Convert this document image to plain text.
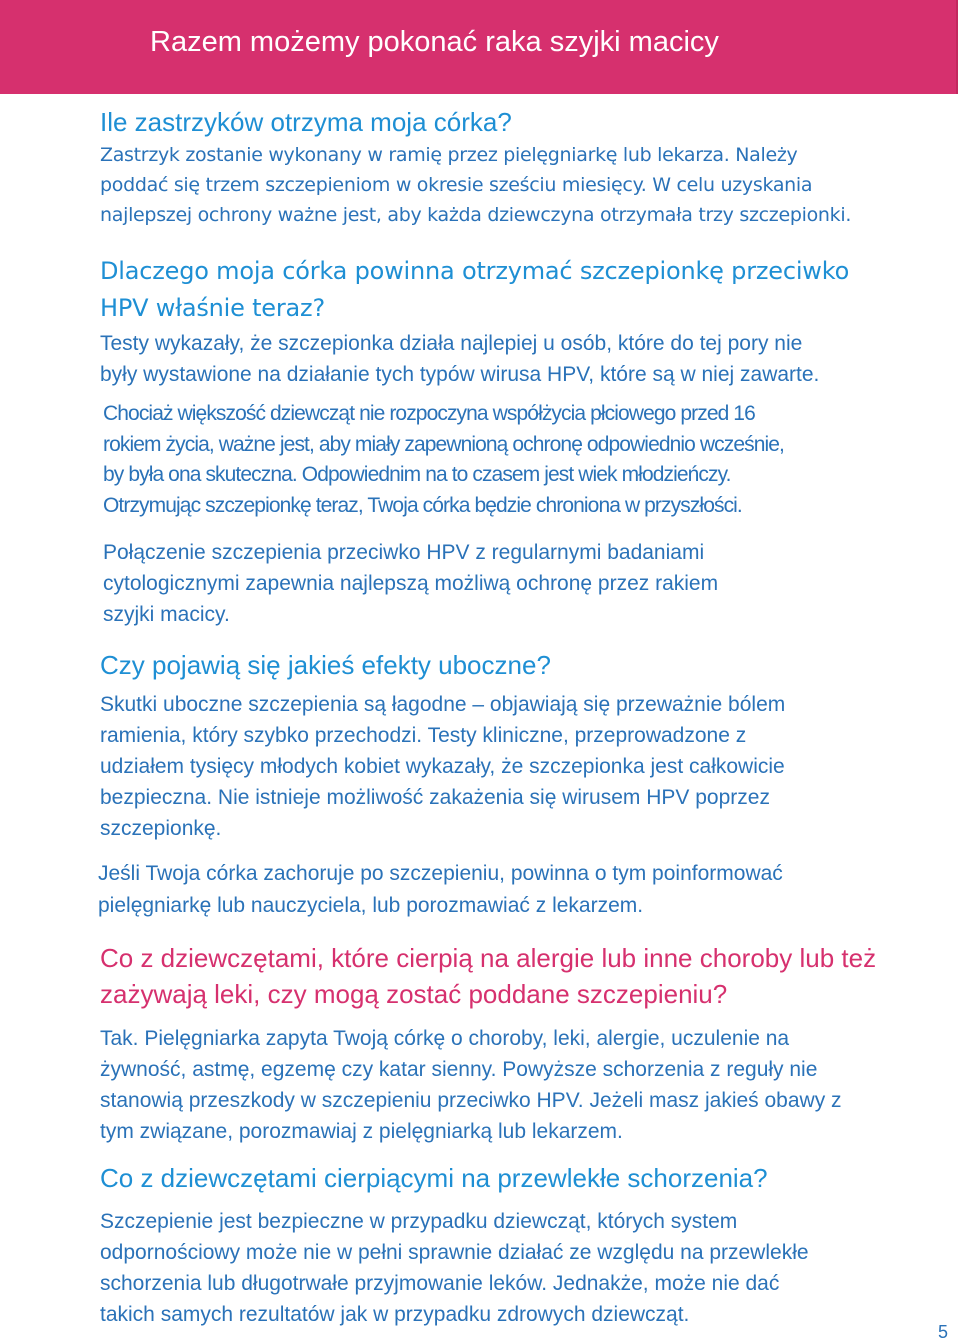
Razem możemy pokonać raka szyjki macicy
Ile zastrzyków otrzyma moja córka?
Zastrzyk zostanie wykonany w ramię przez pielęgniarkę lub lekarza. Należy
poddać się trzem szczepieniom w okresie sześciu miesięcy. W celu uzyskania
najlepszej ochrony ważne jest, aby każda dziewczyna otrzymała trzy szczepionki.
Dlaczego moja córka powinna otrzymać szczepionkę przeciwko
HPV właśnie teraz?
Testy wykazały, że szczepionka działa najlepiej u osób, które do tej pory nie
były wystawione na działanie tych typów wirusa HPV, które są w niej zawarte.
Chociaż większość dziewcząt nie rozpoczyna współżycia płciowego przed 16
rokiem życia, ważne jest, aby miały zapewnioną ochronę odpowiednio wcześnie,
by była ona skuteczna. Odpowiednim na to czasem jest wiek młodzieńczy.
Otrzymując szczepionkę teraz, Twoja córka będzie chroniona w przyszłości.
Połączenie szczepienia przeciwko HPV z regularnymi badaniami
cytologicznymi zapewnia najlepszą możliwą ochronę przez rakiem
szyjki macicy.
Czy pojawią się jakieś efekty uboczne?
Skutki uboczne szczepienia są łagodne – objawiają się przeważnie bólem
ramienia, który szybko przechodzi. Testy kliniczne, przeprowadzone z
udziałem tysięcy młodych kobiet wykazały, że szczepionka jest całkowicie
bezpieczna. Nie istnieje możliwość zakażenia się wirusem HPV poprzez
szczepionkę.
Jeśli Twoja córka zachoruje po szczepieniu, powinna o tym poinformować
pielęgniarkę lub nauczyciela, lub porozmawiać z lekarzem.
Co z dziewczętami, które cierpią na alergie lub inne choroby lub też
zażywają leki, czy mogą zostać poddane szczepieniu?
Tak. Pielęgniarka zapyta Twoją córkę o choroby, leki, alergie, uczulenie na
żywność, astmę, egzemę czy katar sienny. Powyższe schorzenia z reguły nie
stanowią przeszkody w szczepieniu przeciwko HPV. Jeżeli masz jakieś obawy z
tym związane, porozmawiaj z pielęgniarką lub lekarzem.
Co z dziewczętami cierpiącymi na przewlekłe schorzenia?
Szczepienie jest bezpieczne w przypadku dziewcząt, których system
odpornościowy może nie w pełni sprawnie działać ze względu na przewlekłe
schorzenia lub długotrwałe przyjmowanie leków. Jednakże, może nie dać
takich samych rezultatów jak w przypadku zdrowych dziewcząt.
5
